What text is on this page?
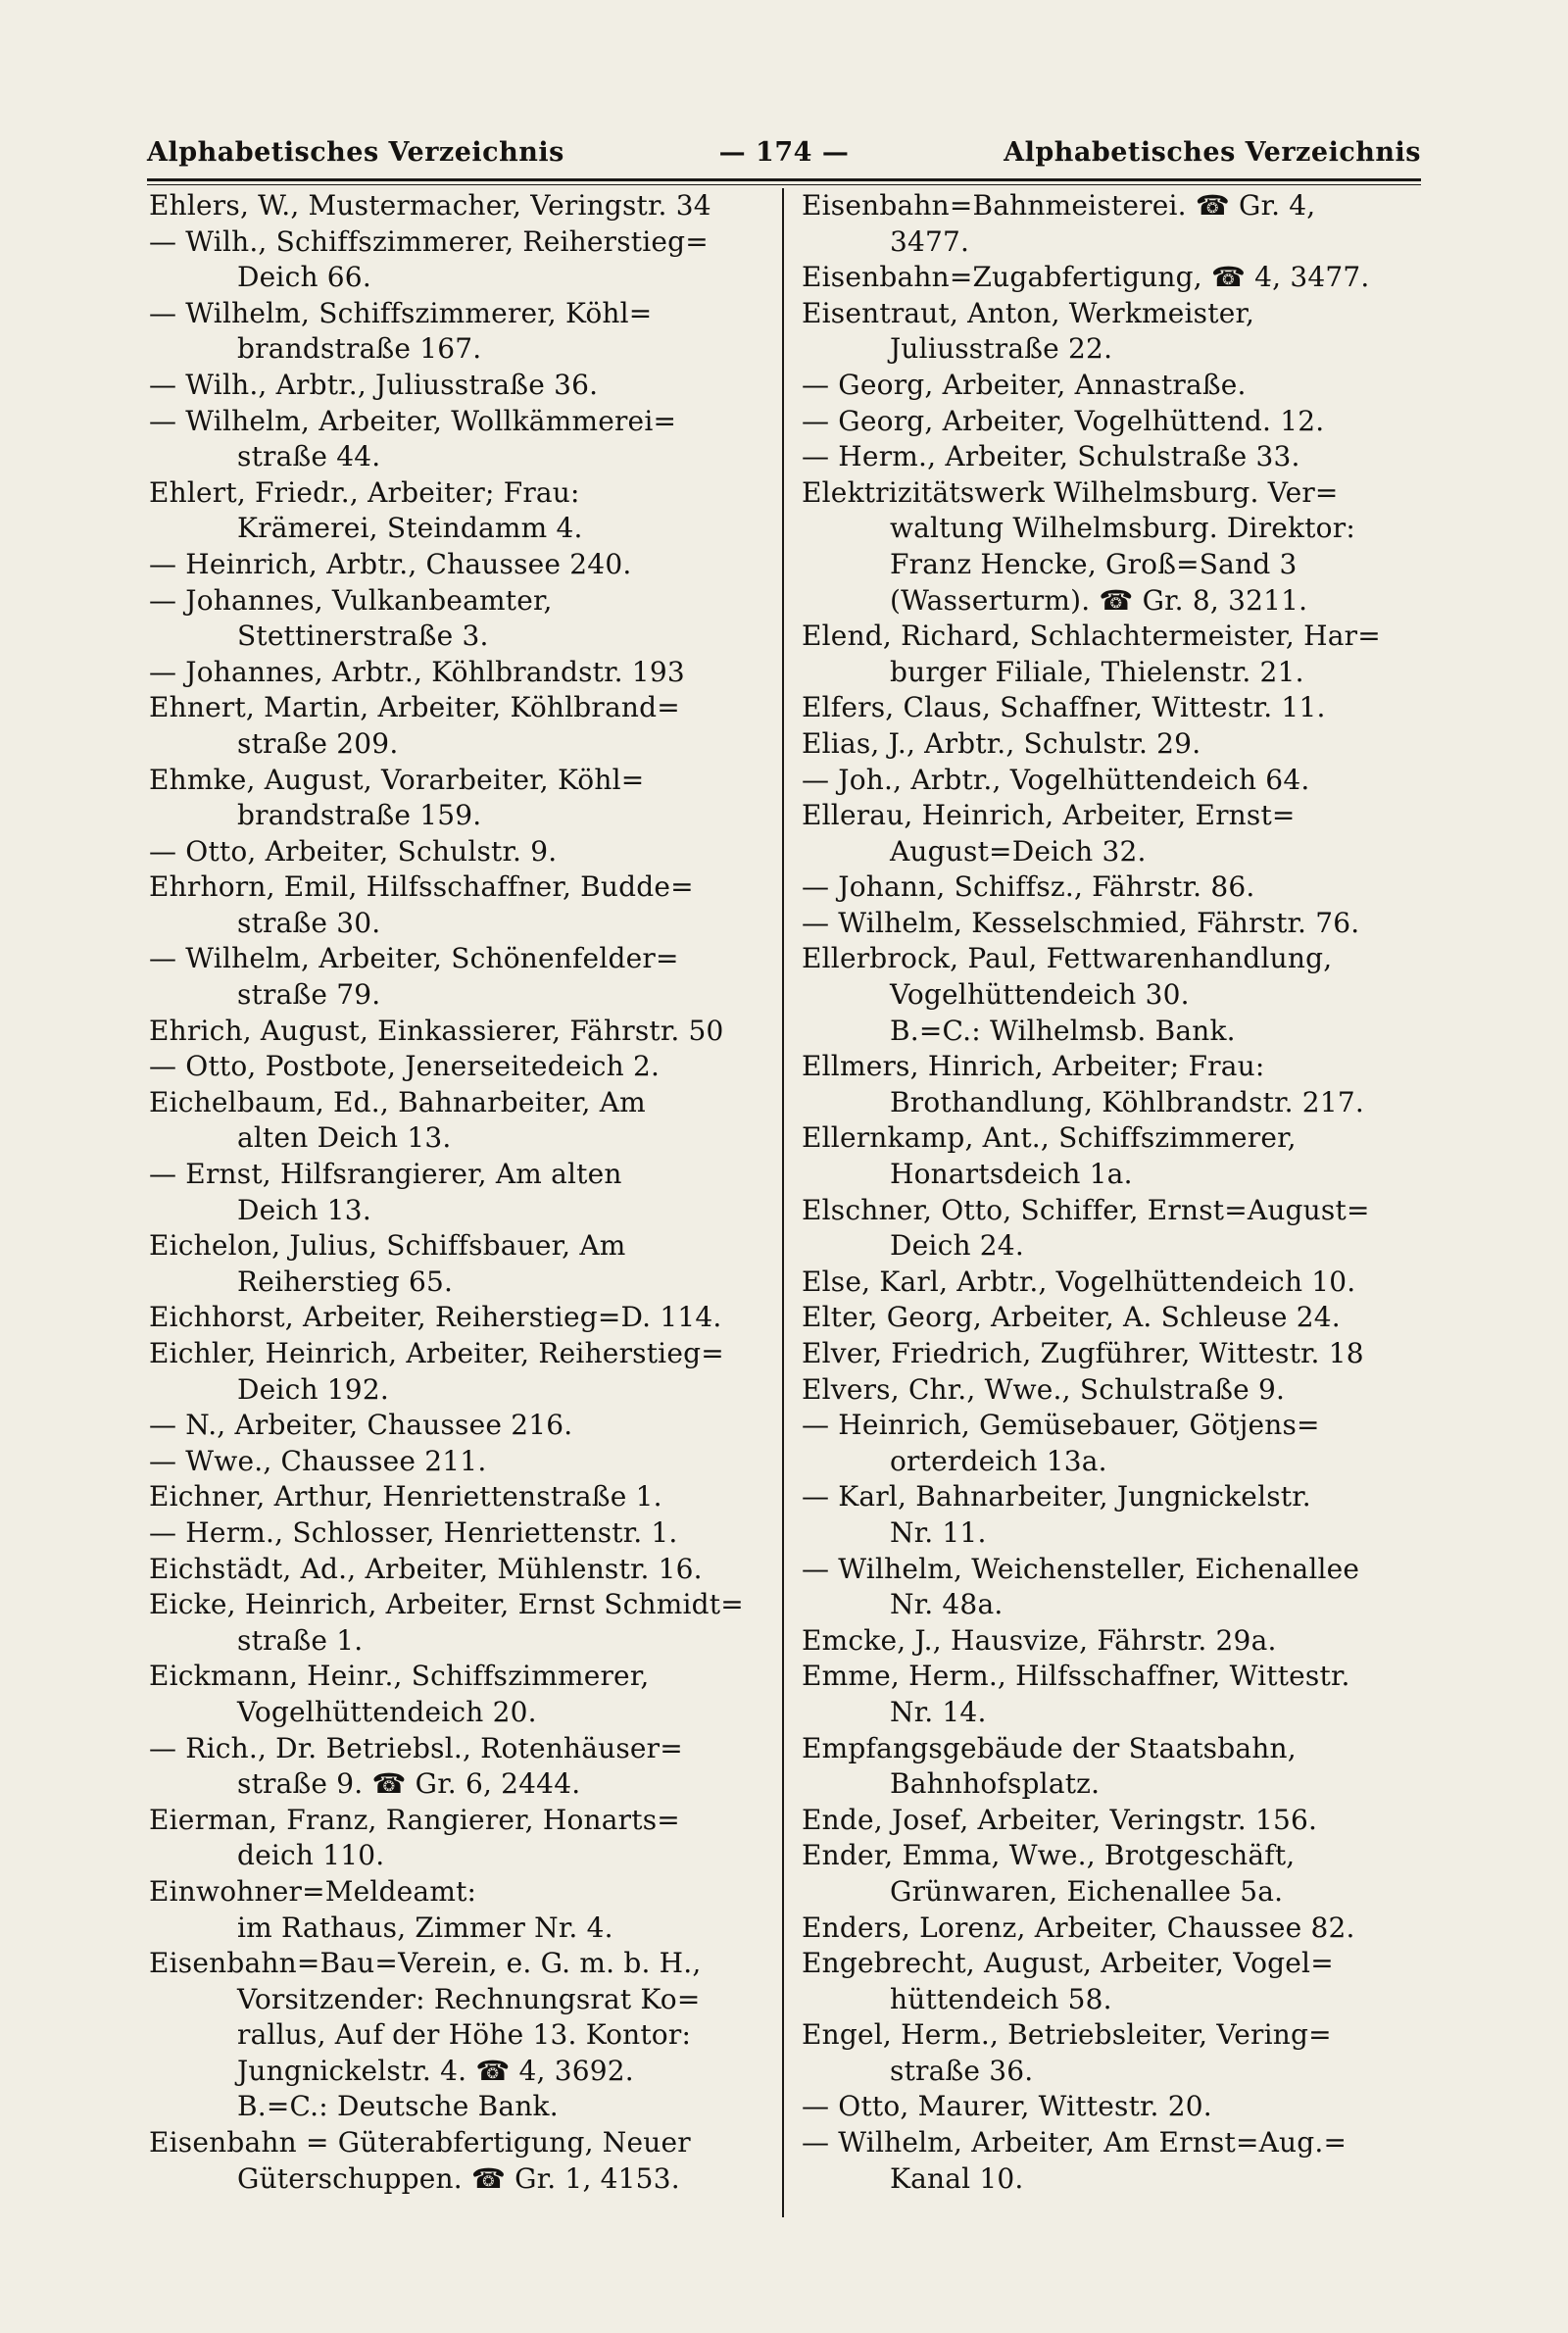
Alphabetisches Verzeichnis	— 174 —	Alphabetisches Verzeichnis
Ehlers, W., Mustermacher, Veringstr. 34
— Wilh., Schiffszimmerer, Reiherstieg=
Deich 66.
— Wilhelm, Schiffszimmerer, Köhl=
brandstraße 167.
— Wilh., Arbtr., Juliusstraße 36.
— Wilhelm, Arbeiter, Wollkämmerei=
straße 44.
Ehlert, Friedr., Arbeiter; Frau:
Krämerei, Steindamm 4.
— Heinrich, Arbtr., Chaussee 240.
— Johannes, Vulkanbeamter,
Stettinerstraße 3.
— Johannes, Arbtr., Köhlbrandstr. 193
Ehnert, Martin, Arbeiter, Köhlbrand=
straße 209.
Ehmke, August, Vorarbeiter, Köhl=
brandstraße 159.
— Otto, Arbeiter, Schulstr. 9.
Ehrhorn, Emil, Hilfsschaffner, Budde=
straße 30.
— Wilhelm, Arbeiter, Schönenfelder=
straße 79.
Ehrich, August, Einkassierer, Fährstr. 50
— Otto, Postbote, Jenerseitedeich 2.
Eichelbaum, Ed., Bahnarbeiter, Am
alten Deich 13.
— Ernst, Hilfsrangierer, Am alten
Deich 13.
Eichelon, Julius, Schiffsbauer, Am
Reiherstieg 65.
Eichhorst, Arbeiter, Reiherstieg=D. 114.
Eichler, Heinrich, Arbeiter, Reiherstieg=
Deich 192.
— N., Arbeiter, Chaussee 216.
— Wwe., Chaussee 211.
Eichner, Arthur, Henriettenstraße 1.
— Herm., Schlosser, Henriettenstr. 1.
Eichstädt, Ad., Arbeiter, Mühlenstr. 16.
Eicke, Heinrich, Arbeiter, Ernst Schmidt=
straße 1.
Eickmann, Heinr., Schiffszimmerer,
Vogelhüttendeich 20.
— Rich., Dr. Betriebsl., Rotenhäuser=
straße 9. ☎ Gr. 6, 2444.
Eierman, Franz, Rangierer, Honarts=
deich 110.
Einwohner=Meldeamt:
im Rathaus, Zimmer Nr. 4.
Eisenbahn=Bau=Verein, e. G. m. b. H.,
Vorsitzender: Rechnungsrat Ko=
rallus, Auf der Höhe 13. Kontor:
Jungnickelstr. 4. ☎ 4, 3692.
B.=C.: Deutsche Bank.
Eisenbahn = Güterabfertigung, Neuer
Güterschuppen. ☎ Gr. 1, 4153.
Eisenbahn=Bahnmeisterei. ☎ Gr. 4,
3477.
Eisenbahn=Zugabfertigung, ☎ 4, 3477.
Eisentraut, Anton, Werkmeister,
Juliusstraße 22.
— Georg, Arbeiter, Annastraße.
— Georg, Arbeiter, Vogelhüttend. 12.
— Herm., Arbeiter, Schulstraße 33.
Elektrizitätswerk Wilhelmsburg. Ver=
waltung Wilhelmsburg. Direktor:
Franz Hencke, Groß=Sand 3
(Wasserturm). ☎ Gr. 8, 3211.
Elend, Richard, Schlachtermeister, Har=
burger Filiale, Thielenstr. 21.
Elfers, Claus, Schaffner, Wittestr. 11.
Elias, J., Arbtr., Schulstr. 29.
— Joh., Arbtr., Vogelhüttendeich 64.
Ellerau, Heinrich, Arbeiter, Ernst=
August=Deich 32.
— Johann, Schiffsz., Fährstr. 86.
— Wilhelm, Kesselschmied, Fährstr. 76.
Ellerbrock, Paul, Fettwarenhandlung,
Vogelhüttendeich 30.
B.=C.: Wilhelmsb. Bank.
Ellmers, Hinrich, Arbeiter; Frau:
Brothandlung, Köhlbrandstr. 217.
Ellernkamp, Ant., Schiffszimmerer,
Honartsdeich 1a.
Elschner, Otto, Schiffer, Ernst=August=
Deich 24.
Else, Karl, Arbtr., Vogelhüttendeich 10.
Elter, Georg, Arbeiter, A. Schleuse 24.
Elver, Friedrich, Zugführer, Wittestr. 18
Elvers, Chr., Wwe., Schulstraße 9.
— Heinrich, Gemüsebauer, Götjens=
orterdeich 13a.
— Karl, Bahnarbeiter, Jungnickelstr.
Nr. 11.
— Wilhelm, Weichensteller, Eichenallee
Nr. 48a.
Emcke, J., Hausvize, Fährstr. 29a.
Emme, Herm., Hilfsschaffner, Wittestr.
Nr. 14.
Empfangsgebäude der Staatsbahn,
Bahnhofsplatz.
Ende, Josef, Arbeiter, Veringstr. 156.
Ender, Emma, Wwe., Brotgeschäft,
Grünwaren, Eichenallee 5a.
Enders, Lorenz, Arbeiter, Chaussee 82.
Engebrecht, August, Arbeiter, Vogel=
hüttendeich 58.
Engel, Herm., Betriebsleiter, Vering=
straße 36.
— Otto, Maurer, Wittestr. 20.
— Wilhelm, Arbeiter, Am Ernst=Aug.=
Kanal 10.
